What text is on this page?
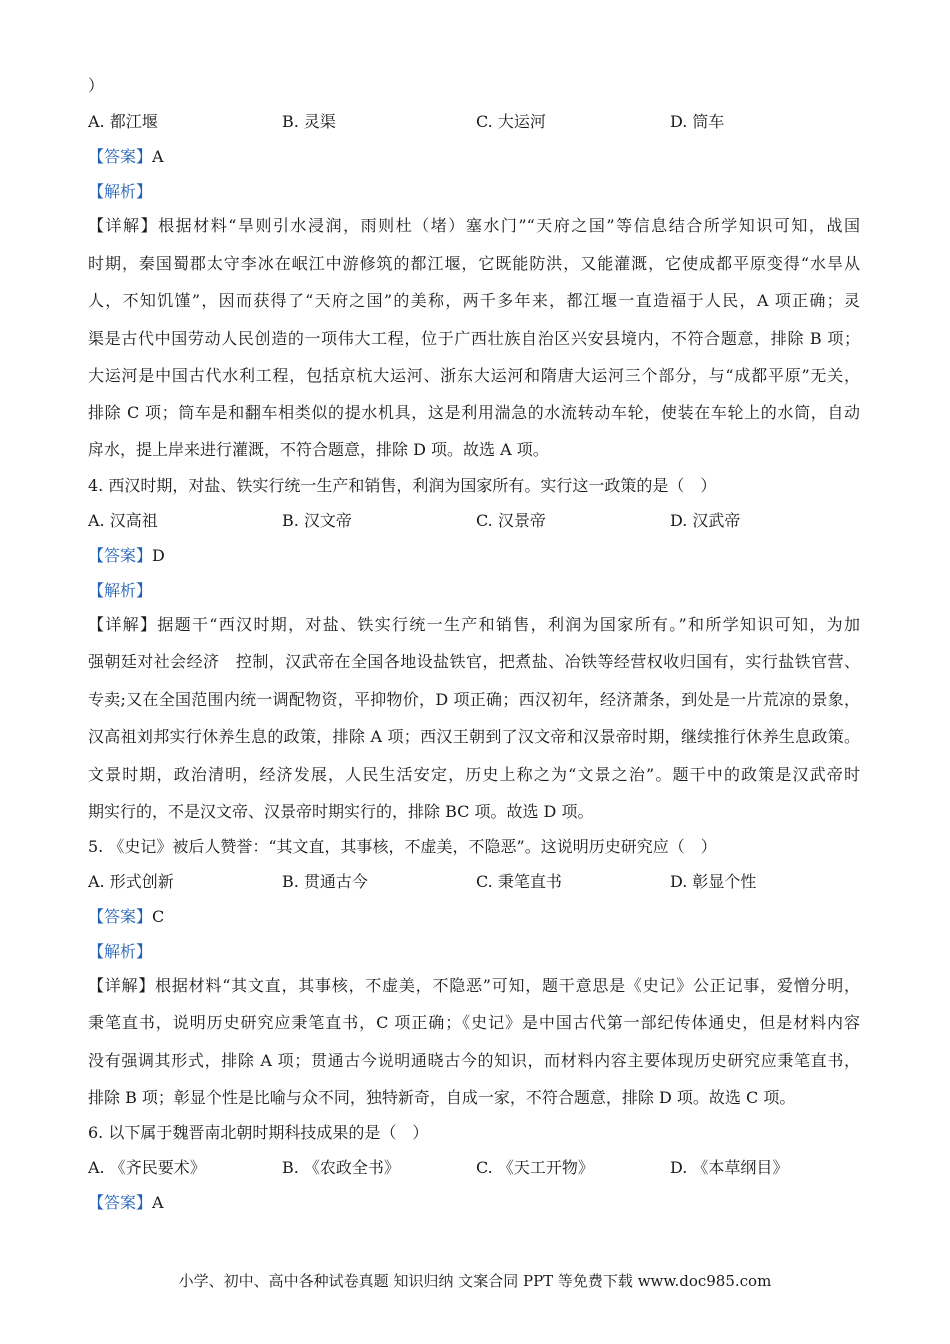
）
A. 都江堰	B. 灵渠	C. 大运河	D. 筒车
【答案】A
【解析】
【详解】根据材料“旱则引水浸润，雨则杜（堵）塞水门”“天府之国”等信息结合所学知识可知，战国
时期，秦国蜀郡太守李冰在岷江中游修筑的都江堰，它既能防洪，又能灌溉，它使成都平原变得“水旱从
人，不知饥馑”，因而获得了“天府之国”的美称，两千多年来，都江堰一直造福于人民，A 项正确；灵
渠是古代中国劳动人民创造的一项伟大工程，位于广西壮族自治区兴安县境内，不符合题意，排除 B 项；
大运河是中国古代水利工程，包括京杭大运河、浙东大运河和隋唐大运河三个部分，与“成都平原”无关，
排除 C 项；筒车是和翻车相类似的提水机具，这是利用湍急的水流转动车轮，使装在车轮上的水筒，自动
戽水，提上岸来进行灌溉，不符合题意，排除 D 项。故选 A 项。
4. 西汉时期，对盐、铁实行统一生产和销售，利润为国家所有。实行这一政策的是（　）
A. 汉高祖	B. 汉文帝	C. 汉景帝	D. 汉武帝
【答案】D
【解析】
【详解】据题干“西汉时期，对盐、铁实行统一生产和销售，利润为国家所有。”和所学知识可知，为加
强朝廷对社会经济　控制，汉武帝在全国各地设盐铁官，把煮盐、冶铁等经营权收归国有，实行盐铁官营、
专卖;又在全国范围内统一调配物资，平抑物价，D 项正确；西汉初年，经济萧条，到处是一片荒凉的景象，
汉高祖刘邦实行休养生息的政策，排除 A 项；西汉王朝到了汉文帝和汉景帝时期，继续推行休养生息政策。
文景时期，政治清明，经济发展，人民生活安定，历史上称之为“文景之治”。题干中的政策是汉武帝时
期实行的，不是汉文帝、汉景帝时期实行的，排除 BC 项。故选 D 项。
5. 《史记》被后人赞誉：“其文直，其事核，不虚美，不隐恶”。这说明历史研究应（　）
A. 形式创新	B. 贯通古今	C. 秉笔直书	D. 彰显个性
【答案】C
【解析】
【详解】根据材料“其文直，其事核，不虚美，不隐恶”可知，题干意思是《史记》公正记事，爱憎分明，
秉笔直书，说明历史研究应秉笔直书，C 项正确；《史记》是中国古代第一部纪传体通史，但是材料内容
没有强调其形式，排除 A 项；贯通古今说明通晓古今的知识，而材料内容主要体现历史研究应秉笔直书，
排除 B 项；彰显个性是比喻与众不同，独特新奇，自成一家，不符合题意，排除 D 项。故选 C 项。
6. 以下属于魏晋南北朝时期科技成果的是（　）
A. 《齐民要术》	B. 《农政全书》	C. 《天工开物》	D. 《本草纲目》
【答案】A
小学、初中、高中各种试卷真题 知识归纳 文案合同 PPT 等免费下载 www.doc985.com
